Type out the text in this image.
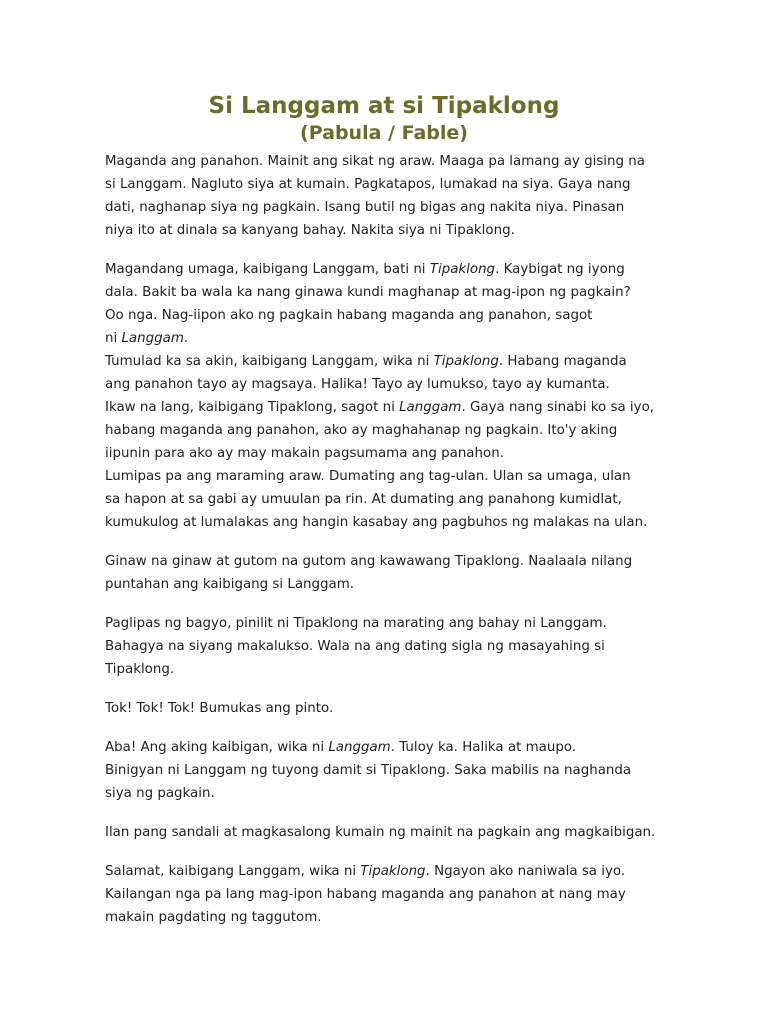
Si Langgam at si Tipaklong
(Pabula / Fable)

Maganda ang panahon. Mainit ang sikat ng araw. Maaga pa lamang ay gising na
si Langgam. Nagluto siya at kumain. Pagkatapos, lumakad na siya. Gaya nang
dati, naghanap siya ng pagkain. Isang butil ng bigas ang nakita niya. Pinasan
niya ito at dinala sa kanyang bahay. Nakita siya ni Tipaklong.

Magandang umaga, kaibigang Langgam, bati ni Tipaklong. Kaybigat ng iyong
dala. Bakit ba wala ka nang ginawa kundi maghanap at mag-ipon ng pagkain?
Oo nga. Nag-iipon ako ng pagkain habang maganda ang panahon, sagot
ni Langgam.
Tumulad ka sa akin, kaibigang Langgam, wika ni Tipaklong. Habang maganda
ang panahon tayo ay magsaya. Halika! Tayo ay lumukso, tayo ay kumanta.
Ikaw na lang, kaibigang Tipaklong, sagot ni Langgam. Gaya nang sinabi ko sa iyo,
habang maganda ang panahon, ako ay maghahanap ng pagkain. Ito'y aking
iipunin para ako ay may makain pagsumama ang panahon.
Lumipas pa ang maraming araw. Dumating ang tag-ulan. Ulan sa umaga, ulan
sa hapon at sa gabi ay umuulan pa rin. At dumating ang panahong kumidlat,
kumukulog at lumalakas ang hangin kasabay ang pagbuhos ng malakas na ulan.

Ginaw na ginaw at gutom na gutom ang kawawang Tipaklong. Naalaala nilang
puntahan ang kaibigang si Langgam.

Paglipas ng bagyo, pinilit ni Tipaklong na marating ang bahay ni Langgam.
Bahagya na siyang makalukso. Wala na ang dating sigla ng masayahing si
Tipaklong.

Tok! Tok! Tok! Bumukas ang pinto.

Aba! Ang aking kaibigan, wika ni Langgam. Tuloy ka. Halika at maupo.
Binigyan ni Langgam ng tuyong damit si Tipaklong. Saka mabilis na naghanda
siya ng pagkain.

Ilan pang sandali at magkasalong kumain ng mainit na pagkain ang magkaibigan.

Salamat, kaibigang Langgam, wika ni Tipaklong. Ngayon ako naniwala sa iyo.
Kailangan nga pa lang mag-ipon habang maganda ang panahon at nang may
makain pagdating ng taggutom.
